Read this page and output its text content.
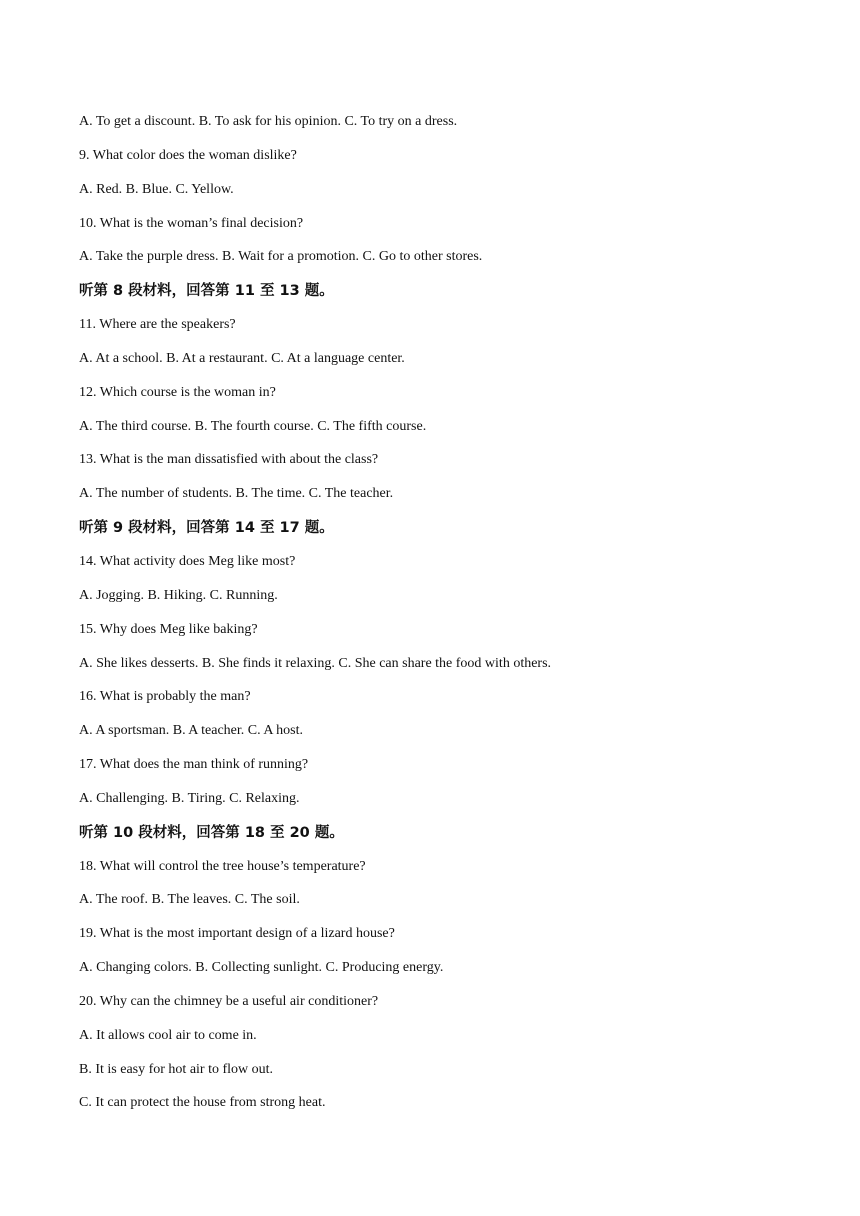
A. To get a discount. B. To ask for his opinion. C. To try on a dress.
9. What color does the woman dislike?
A. Red. B. Blue. C. Yellow.
10. What is the woman’s final decision?
A. Take the purple dress. B. Wait for a promotion. C. Go to other stores.
听第 8 段材料，回答第 11 至 13 题。
11. Where are the speakers?
A. At a school. B. At a restaurant. C. At a language center.
12. Which course is the woman in?
A. The third course. B. The fourth course. C. The fifth course.
13. What is the man dissatisfied with about the class?
A. The number of students. B. The time. C. The teacher.
听第 9 段材料，回答第 14 至 17 题。
14. What activity does Meg like most?
A. Jogging. B. Hiking. C. Running.
15. Why does Meg like baking?
A. She likes desserts. B. She finds it relaxing. C. She can share the food with others.
16. What is probably the man?
A. A sportsman. B. A teacher. C. A host.
17. What does the man think of running?
A. Challenging. B. Tiring. C. Relaxing.
听第 10 段材料，回答第 18 至 20 题。
18. What will control the tree house’s temperature?
A. The roof. B. The leaves. C. The soil.
19. What is the most important design of a lizard house?
A. Changing colors. B. Collecting sunlight. C. Producing energy.
20. Why can the chimney be a useful air conditioner?
A. It allows cool air to come in.
B. It is easy for hot air to flow out.
C. It can protect the house from strong heat.
